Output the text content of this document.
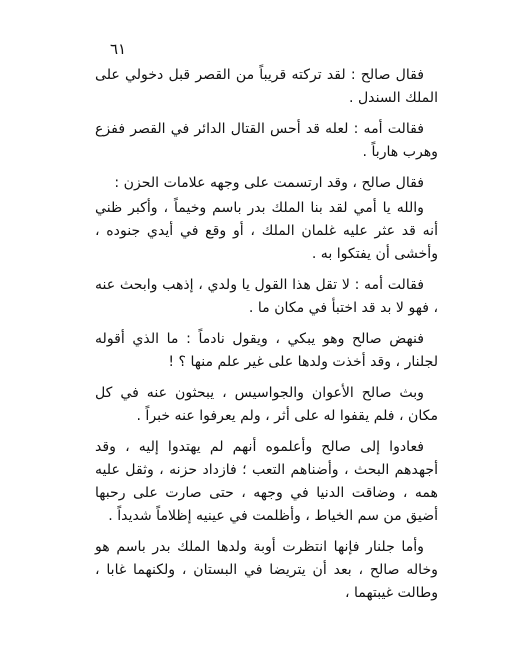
٦١

فقال صالح : لقد تركته قريباً من القصر قبل دخولي على الملك السندل .

فقالت أمه : لعله قد أحس القتال الدائر في القصر ففزع وهرب هارباً .

فقال صالح ، وقد ارتسمت على وجهه علامات الحزن :

والله يا أمي لقد بنا الملك بدر باسم وخيماً ، وأكبر ظني أنه قد عثر عليه غلمان الملك ، أو وقع في أيدي جنوده ، وأخشى أن يفتكوا به .

فقالت أمه : لا تقل هذا القول يا ولدي ، إذهب وابحث عنه ، فهو لا بد قد اختبأ في مكان ما .

فنهض صالح وهو يبكي ، ويقول نادماً : ما الذي أقوله لجلنار ، وقد أخذت ولدها على غير علم منها ؟ !

وبث صالح الأعوان والجواسيس ، يبحثون عنه في كل مكان ، فلم يقفوا له على أثر ، ولم يعرفوا عنه خبراً .

فعادوا إلى صالح وأعلموه أنهم لم يهتدوا إليه ، وقد أجهدهم البحث ، وأضناهم التعب ؛ فازداد حزنه ، وثقل عليه همه ، وضاقت الدنيا في وجهه ، حتى صارت على رحبها أضيق من سم الخياط ، وأظلمت في عينيه إظلاماً شديداً .

وأما جلنار فإنها انتظرت أوبة ولدها الملك بدر باسم هو وخاله صالح ، بعد أن يتريضا في البستان ، ولكنهما غابا ، وطالت غيبتهما ،
